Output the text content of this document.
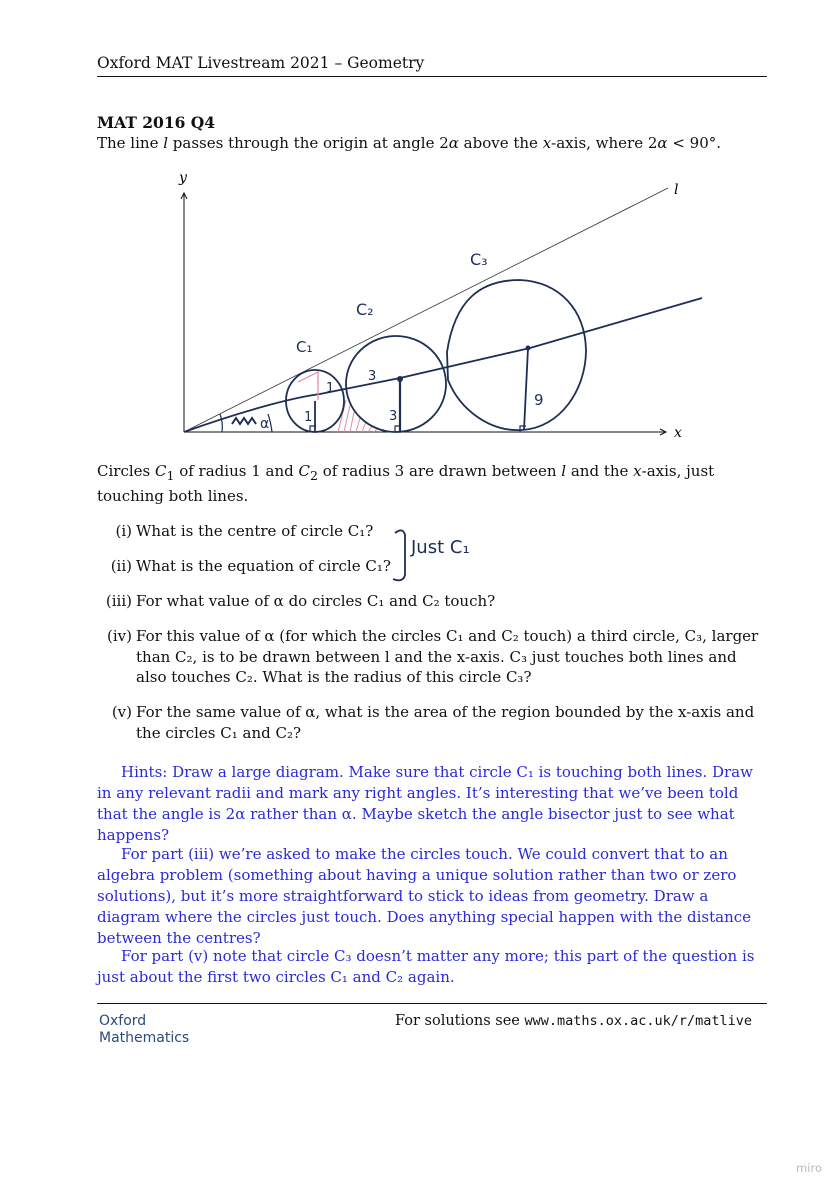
Oxford MAT Livestream 2021 – Geometry
MAT 2016 Q4
The line l passes through the origin at angle 2α above the x-axis, where 2α < 90°.
y
x
l
α
C₁
C₂
C₃
1
1
3
3
9
Circles $C_1$ of radius 1 and $C_2$ of radius 3 are drawn between l and the x-axis, just touching both lines.
(i) What is the centre of circle C₁?
(ii) What is the equation of circle C₁?
(iii) For what value of α do circles C₁ and C₂ touch?
(iv) For this value of α (for which the circles C₁ and C₂ touch) a third circle, C₃, larger than C₂, is to be drawn between l and the x-axis. C₃ just touches both lines and also touches C₂. What is the radius of this circle C₃?
(v) For the same value of α, what is the area of the region bounded by the x-axis and the circles C₁ and C₂?
Just C₁
Hints: Draw a large diagram. Make sure that circle C₁ is touching both lines. Draw in any relevant radii and mark any right angles. It’s interesting that we’ve been told that the angle is 2α rather than α. Maybe sketch the angle bisector just to see what happens?
For part (iii) we’re asked to make the circles touch. We could convert that to an algebra problem (something about having a unique solution rather than two or zero solutions), but it’s more straightforward to stick to ideas from geometry. Draw a diagram where the circles just touch. Does anything special happen with the distance between the centres?
For part (v) note that circle C₃ doesn’t matter any more; this part of the question is just about the first two circles C₁ and C₂ again.
Oxford
Mathematics
For solutions see www.maths.ox.ac.uk/r/matlive
miro
